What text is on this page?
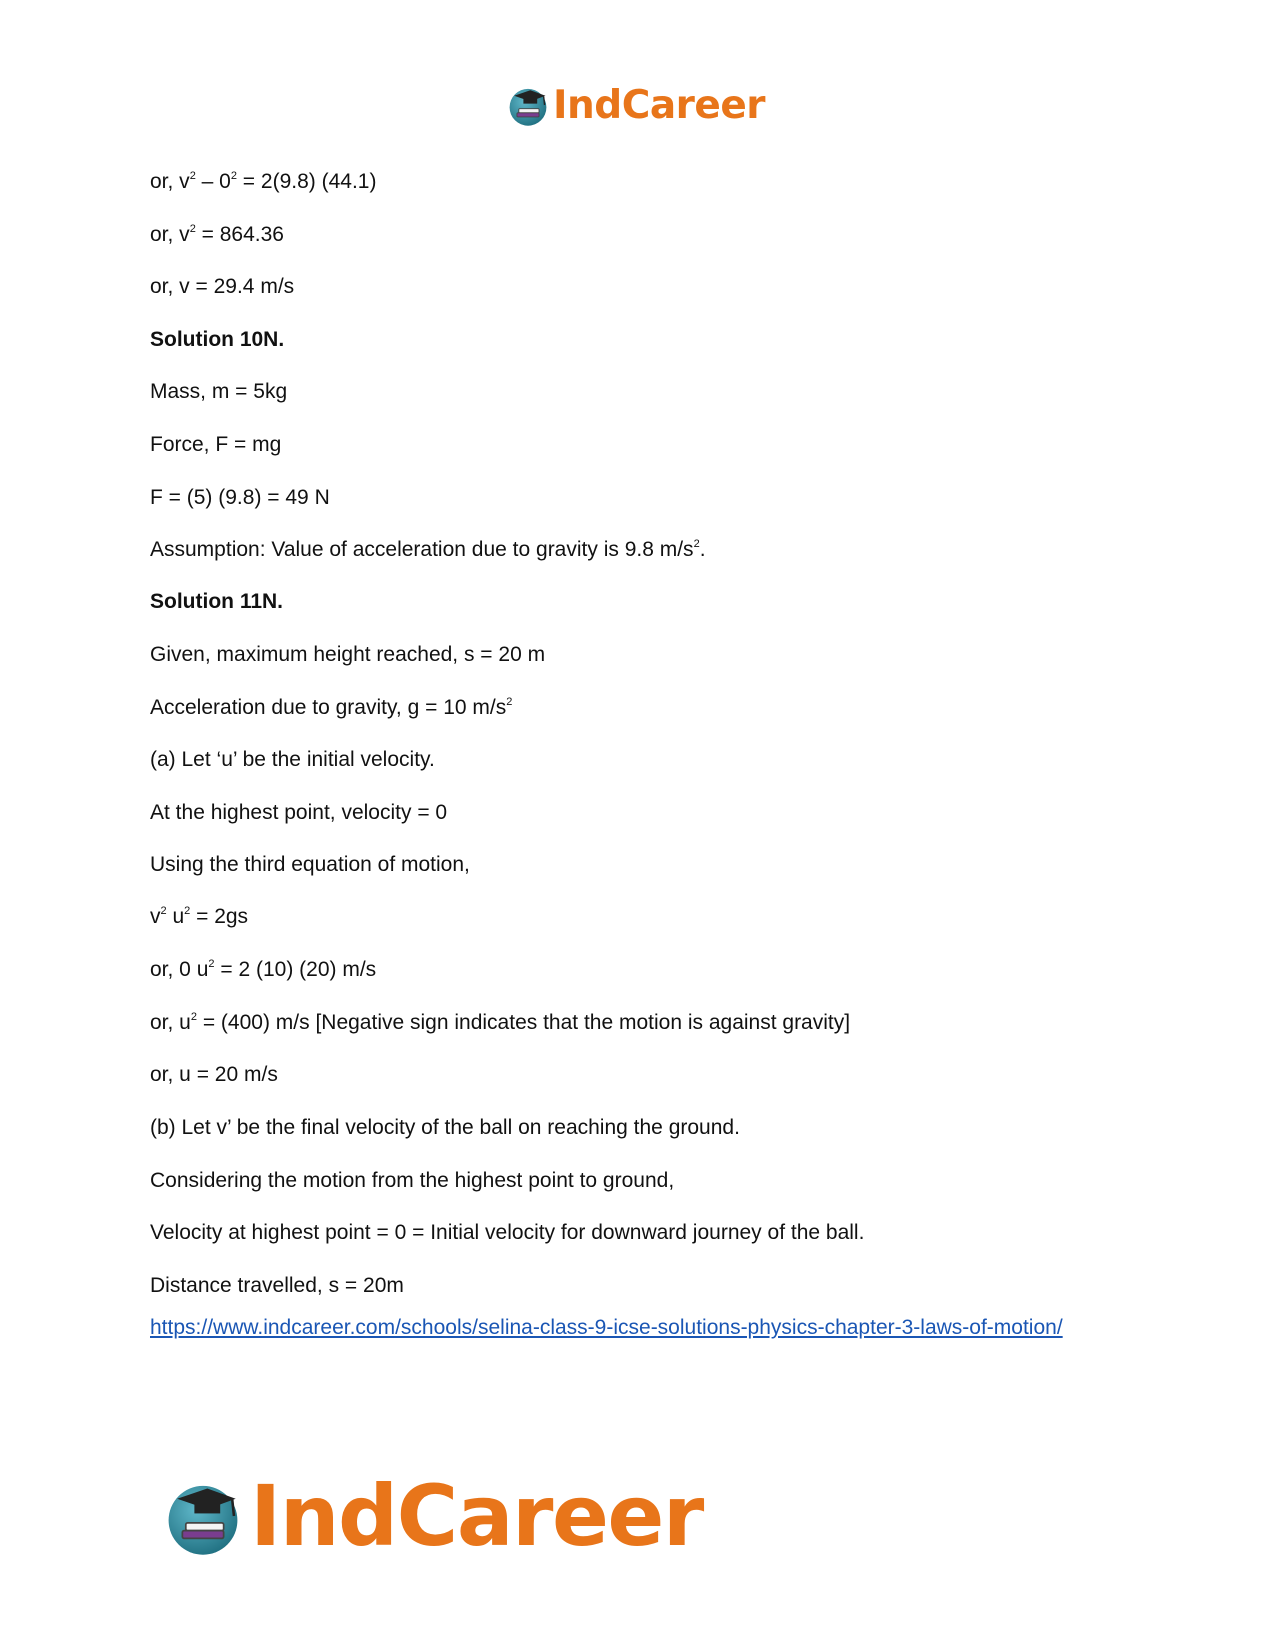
IndCareer
or, $v^2 - 0^2 = 2(9.8)$ (44.1)
or, $v^2 = 864.36$
or, v = 29.4 m/s
Solution 10N.
Mass, m = 5kg
Force, F = mg
F = (5) (9.8) = 49 N
Assumption: Value of acceleration due to gravity is 9.8 $m/s^2$.
Solution 11N.
Given, maximum height reached, s = 20 m
Acceleration due to gravity, g = 10 $m/s^2$
(a) Let ‘u’ be the initial velocity.
At the highest point, velocity = 0
Using the third equation of motion,
$v^2$ $u^2 = 2gs$
or, 0 $u^2 = 2$ (10) (20) m/s
or, $u^2 = (400)$ m/s [Negative sign indicates that the motion is against gravity]
or, u = 20 m/s
(b) Let v’ be the final velocity of the ball on reaching the ground.
Considering the motion from the highest point to ground,
Velocity at highest point = 0 = Initial velocity for downward journey of the ball.
Distance travelled, s = 20m
https://www.indcareer.com/schools/selina-class-9-icse-solutions-physics-chapter-3-laws-of-motion/
IndCareer
